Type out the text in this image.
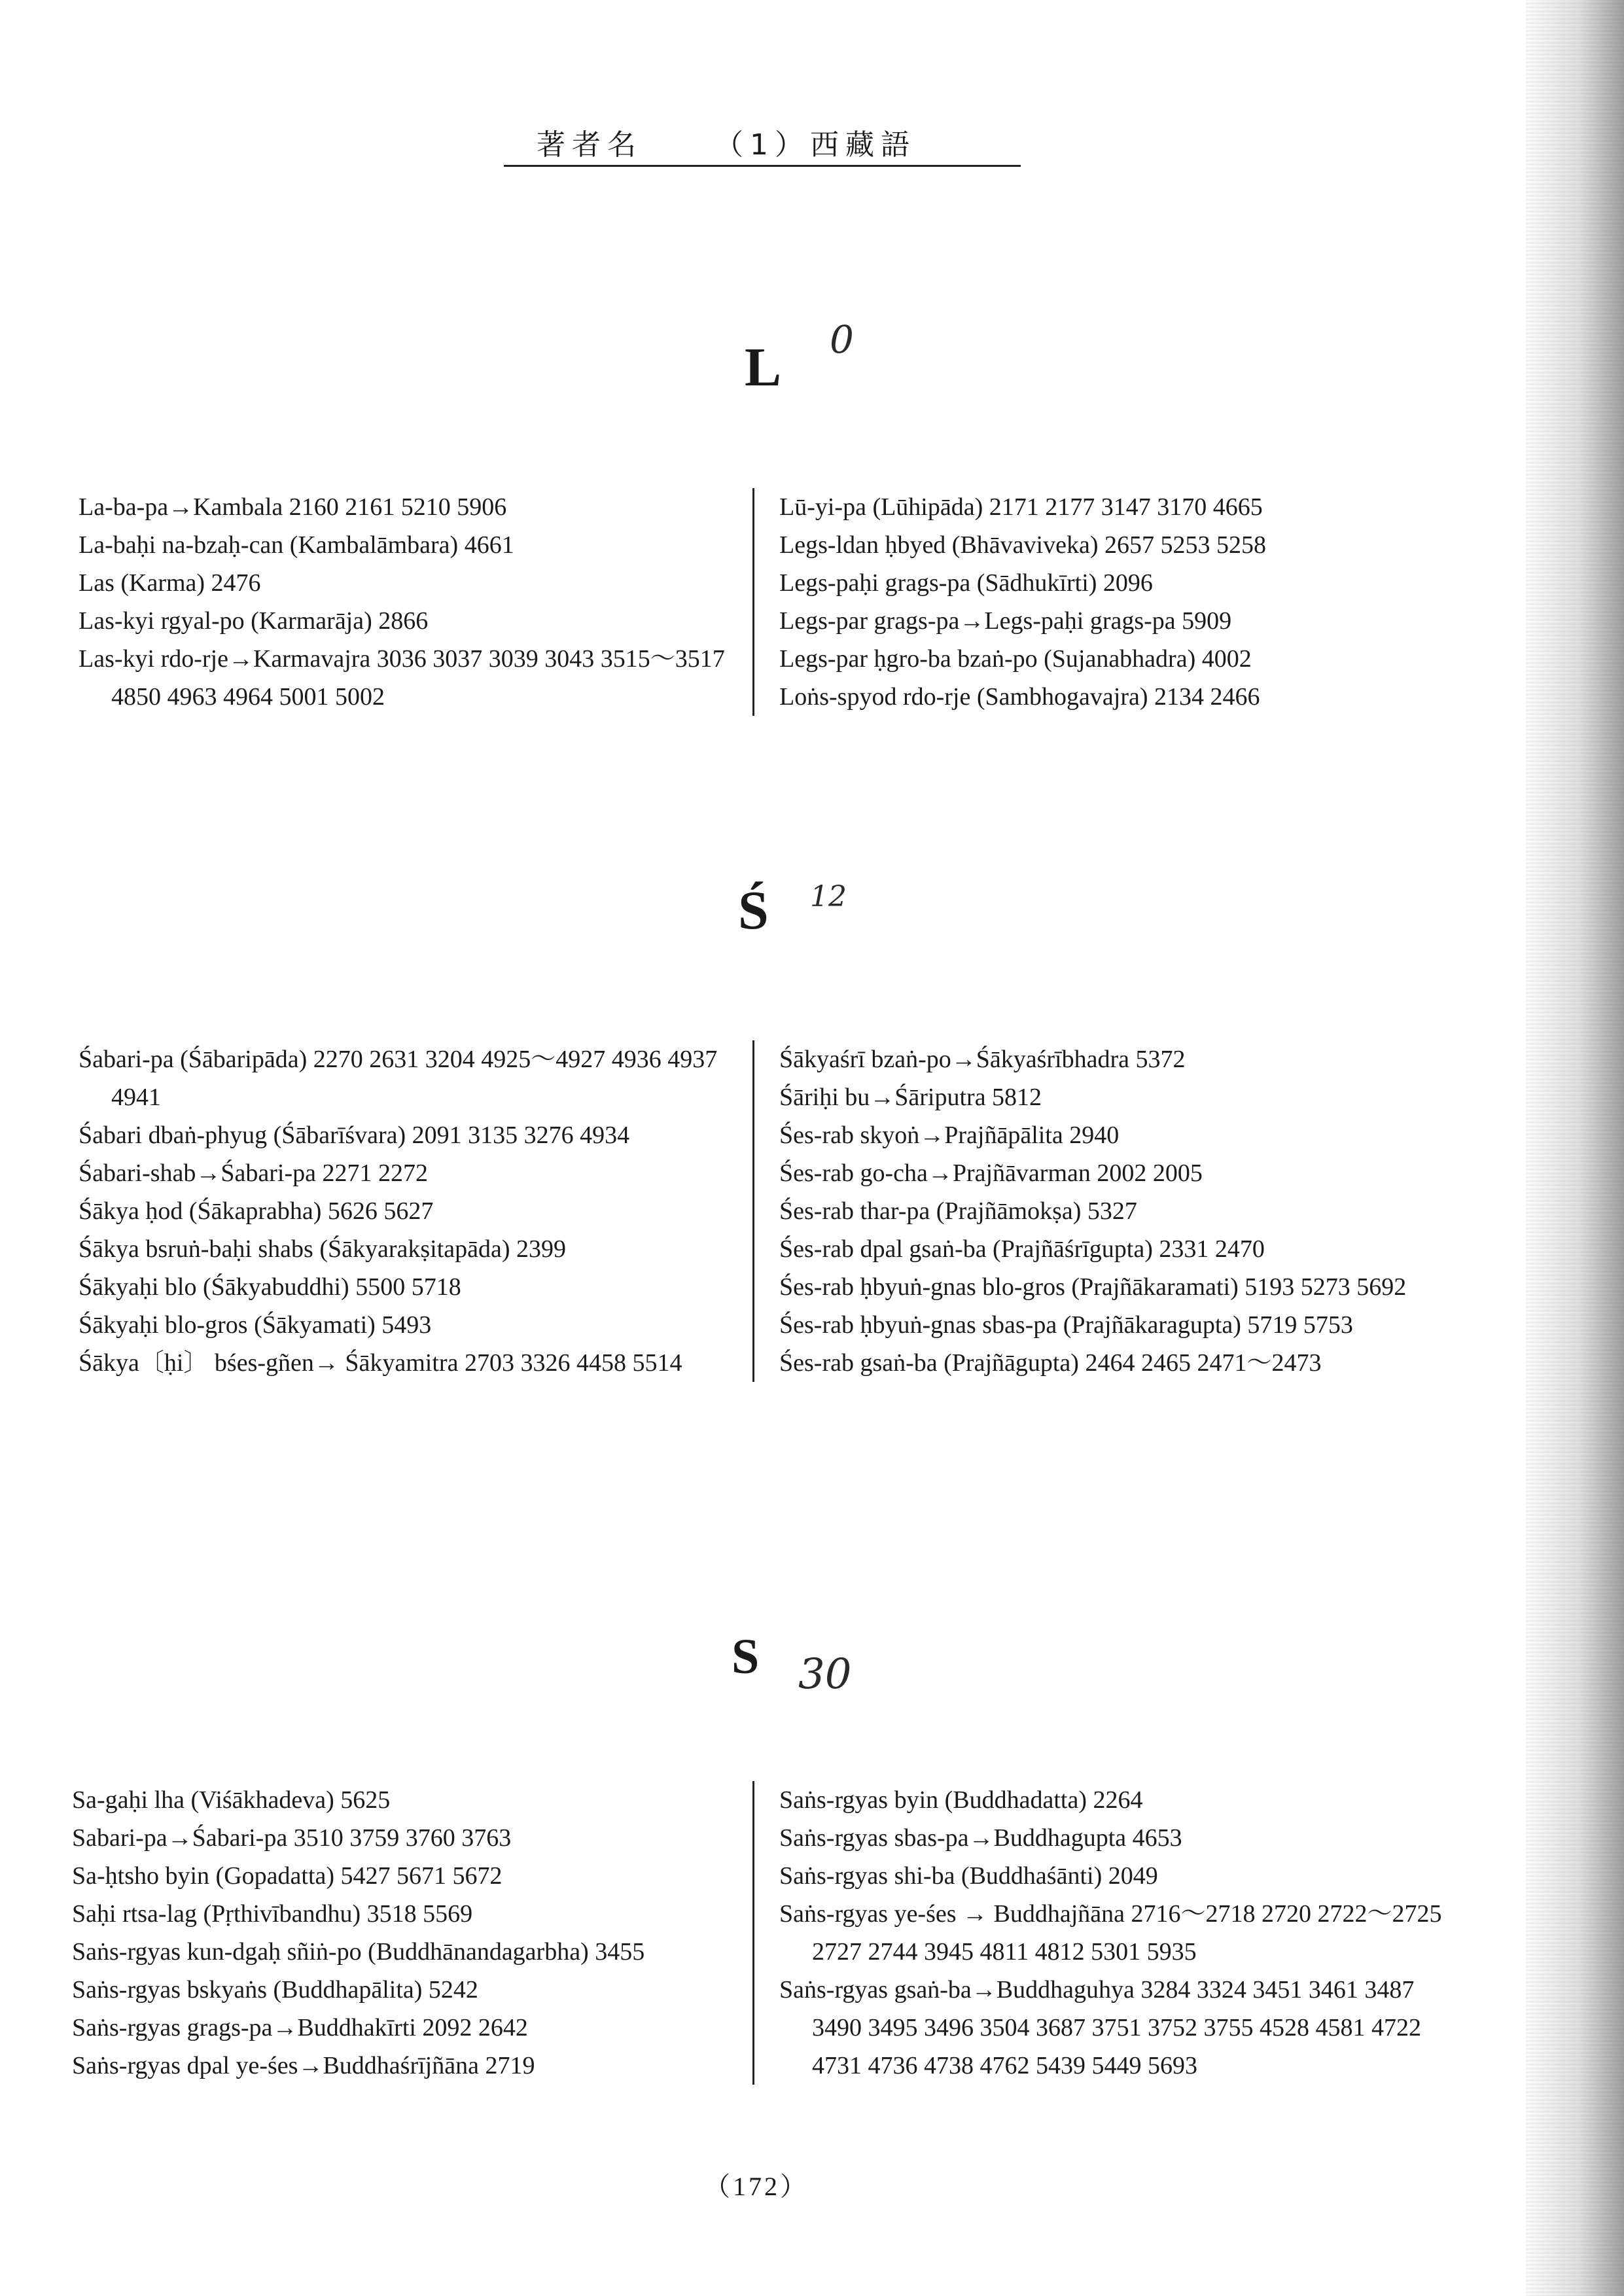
著者名	（1）西藏語
L 0
La-ba-pa→Kambala 2160 2161 5210 5906
La-baḥi na-bzaḥ-can (Kambalāmbara) 4661
Las (Karma) 2476
Las-kyi rgyal-po (Karmarāja) 2866
Las-kyi rdo-rje→Karmavajra 3036 3037 3039 3043 3515～3517 4850 4963 4964 5001 5002
Lū-yi-pa (Lūhipāda) 2171 2177 3147 3170 4665
Legs-ldan ḥbyed (Bhāvaviveka) 2657 5253 5258
Legs-paḥi grags-pa (Sādhukīrti) 2096
Legs-par grags-pa→Legs-paḥi grags-pa 5909
Legs-par ḥgro-ba bzaṅ-po (Sujanabhadra) 4002
Loṅs-spyod rdo-rje (Sambhogavajra) 2134 2466
Ś 12
Śabari-pa (Śābaripāda) 2270 2631 3204 4925～4927 4936 4937 4941
Śabari dbaṅ-phyug (Śābarīśvara) 2091 3135 3276 4934
Śabari-shab→Śabari-pa 2271 2272
Śākya ḥod (Śākaprabha) 5626 5627
Śākya bsruṅ-baḥi shabs (Śākyarakṣitapāda) 2399
Śākyaḥi blo (Śākyabuddhi) 5500 5718
Śākyaḥi blo-gros (Śākyamati) 5493
Śākya〔ḥi〕 bśes-gñen→ Śākyamitra 2703 3326 4458 5514
Śākyaśrī bzaṅ-po→Śākyaśrībhadra 5372
Śāriḥi bu→Śāriputra 5812
Śes-rab skyoṅ→Prajñāpālita 2940
Śes-rab go-cha→Prajñāvarman 2002 2005
Śes-rab thar-pa (Prajñāmokṣa) 5327
Śes-rab dpal gsaṅ-ba (Prajñāśrīgupta) 2331 2470
Śes-rab ḥbyuṅ-gnas blo-gros (Prajñākaramati) 5193 5273 5692
Śes-rab ḥbyuṅ-gnas sbas-pa (Prajñākaragupta) 5719 5753
Śes-rab gsaṅ-ba (Prajñāgupta) 2464 2465 2471～2473
S 30
Sa-gaḥi lha (Viśākhadeva) 5625
Sabari-pa→Śabari-pa 3510 3759 3760 3763
Sa-ḥtsho byin (Gopadatta) 5427 5671 5672
Saḥi rtsa-lag (Pṛthivībandhu) 3518 5569
Saṅs-rgyas kun-dgaḥ sñiṅ-po (Buddhānandagarbha) 3455
Saṅs-rgyas bskyaṅs (Buddhapālita) 5242
Saṅs-rgyas grags-pa→Buddhakīrti 2092 2642
Saṅs-rgyas dpal ye-śes→Buddhaśrījñāna 2719
Saṅs-rgyas byin (Buddhadatta) 2264
Saṅs-rgyas sbas-pa→Buddhagupta 4653
Saṅs-rgyas shi-ba (Buddhaśānti) 2049
Saṅs-rgyas ye-śes → Buddhajñāna 2716～2718 2720 2722～2725 2727 2744 3945 4811 4812 5301 5935
Saṅs-rgyas gsaṅ-ba→Buddhaguhya 3284 3324 3451 3461 3487 3490 3495 3496 3504 3687 3751 3752 3755 4528 4581 4722 4731 4736 4738 4762 5439 5449 5693
（172）
